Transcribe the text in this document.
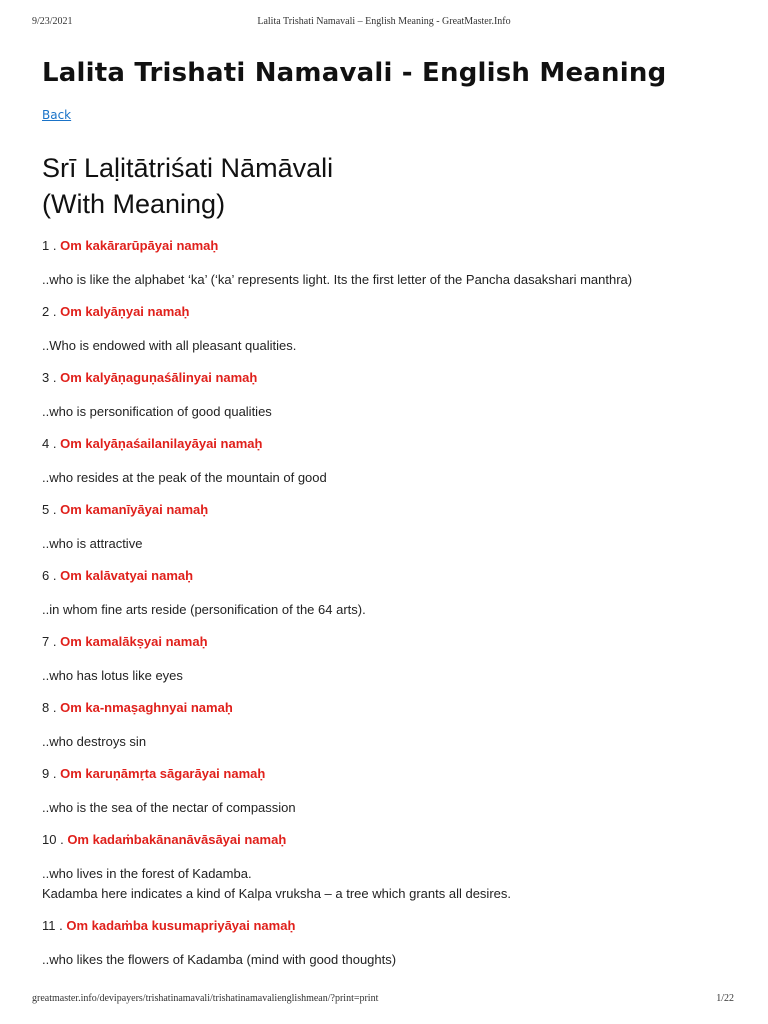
9/23/2021	Lalita Trishati Namavali – English Meaning - GreatMaster.Info
Lalita Trishati Namavali - English Meaning
Back
Srī Laḷitātriśati Nāmāvali
(With Meaning)
1 . Om kakārarūpāyai namaḥ
..who is like the alphabet ‘ka’ (‘ka’ represents light. Its the first letter of the Pancha dasakshari manthra)
2 . Om kalyāṇyai namaḥ
..Who is endowed with all pleasant qualities.
3 . Om kalyāṇaguṇaśālinyai namaḥ
..who is personification of good qualities
4 . Om kalyāṇaśailanilayāyai namaḥ
..who resides at the peak of the mountain of good
5 . Om kamanīyāyai namaḥ
..who is attractive
6 . Om kalāvatyai namaḥ
..in whom fine arts reside (personification of the 64 arts).
7 . Om kamalākṣyai namaḥ
..who has lotus like eyes
8 . Om ka-nmaṣaghnyai namaḥ
..who destroys sin
9 . Om karuṇāmṛta sāgarāyai namaḥ
..who is the sea of the nectar of compassion
10 . Om kadaṁbakānanāvāsāyai namaḥ
..who lives in the forest of Kadamba.
Kadamba here indicates a kind of Kalpa vruksha – a tree which grants all desires.
11 . Om kadaṁba kusumapriyāyai namaḥ
..who likes the flowers of Kadamba (mind with good thoughts)
greatmaster.info/devipayers/trishatinamavali/trishatinamavalienglishmean/?print=print	1/22
